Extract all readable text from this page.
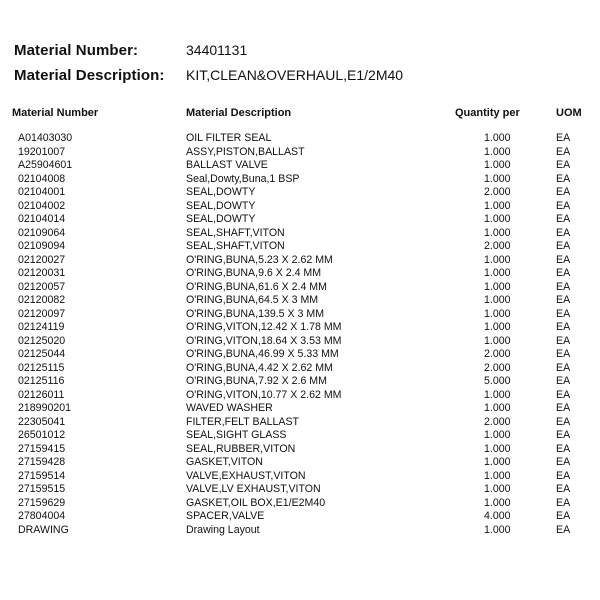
Material Number:	34401131
Material Description: KIT,CLEAN&OVERHAUL,E1/2M40
Material Number	Material Description	Quantity per	UOM
A01403030	OIL FILTER SEAL	1.000	EA
19201007	ASSY,PISTON,BALLAST	1.000	EA
A25904601	BALLAST VALVE	1.000	EA
02104008	Seal,Dowty,Buna,1 BSP	1.000	EA
02104001	SEAL,DOWTY	2.000	EA
02104002	SEAL,DOWTY	1.000	EA
02104014	SEAL,DOWTY	1.000	EA
02109064	SEAL,SHAFT,VITON	1.000	EA
02109094	SEAL,SHAFT,VITON	2.000	EA
02120027	O'RING,BUNA,5.23 X 2.62 MM	1.000	EA
02120031	O'RING,BUNA,9.6 X 2.4 MM	1.000	EA
02120057	O'RING,BUNA,61.6 X 2.4 MM	1.000	EA
02120082	O'RING,BUNA,64.5 X 3 MM	1.000	EA
02120097	O'RING,BUNA,139.5 X 3 MM	1.000	EA
02124119	O'RING,VITON,12.42 X 1.78 MM	1.000	EA
02125020	O'RING,VITON,18.64 X 3.53 MM	1.000	EA
02125044	O'RING,BUNA,46.99 X 5.33 MM	2.000	EA
02125115	O'RING,BUNA,4.42 X 2.62 MM	2.000	EA
02125116	O'RING,BUNA,7.92 X 2.6 MM	5.000	EA
02126011	O'RING,VITON,10.77 X 2.62 MM	1.000	EA
218990201	WAVED WASHER	1.000	EA
22305041	FILTER,FELT BALLAST	2.000	EA
26501012	SEAL,SIGHT GLASS	1.000	EA
27159415	SEAL,RUBBER,VITON	1.000	EA
27159428	GASKET,VITON	1.000	EA
27159514	VALVE,EXHAUST,VITON	1.000	EA
27159515	VALVE,LV EXHAUST,VITON	1.000	EA
27159629	GASKET,OIL BOX,E1/E2M40	1.000	EA
27804004	SPACER,VALVE	4.000	EA
DRAWING	Drawing Layout	1.000	EA
